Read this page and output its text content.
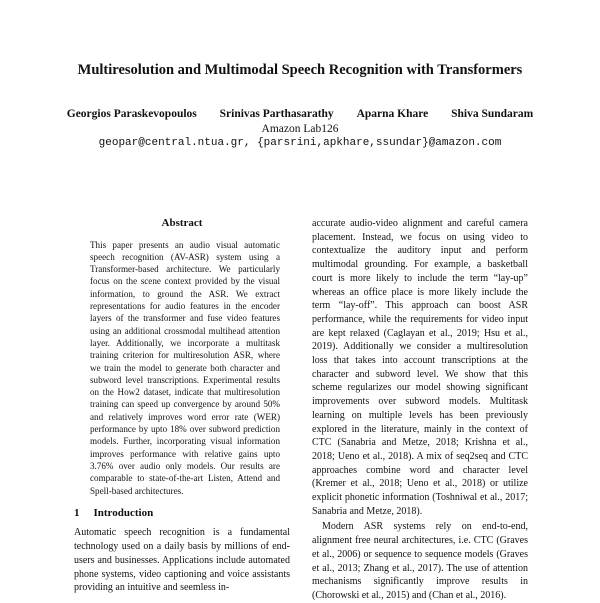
Multiresolution and Multimodal Speech Recognition with Transformers
Georgios Paraskevopoulos Srinivas Parthasarathy Aparna Khare Shiva Sundaram
Amazon Lab126
geopar@central.ntua.gr, {parsrini,apkhare,ssundar}@amazon.com
Abstract
This paper presents an audio visual automatic speech recognition (AV-ASR) system using a Transformer-based architecture. We particularly focus on the scene context provided by the visual information, to ground the ASR. We extract representations for audio features in the encoder layers of the transformer and fuse video features using an additional crossmodal multihead attention layer. Additionally, we incorporate a multitask training criterion for multiresolution ASR, where we train the model to generate both character and subword level transcriptions. Experimental results on the How2 dataset, indicate that multiresolution training can speed up convergence by around 50% and relatively improves word error rate (WER) performance by upto 18% over subword prediction models. Further, incorporating visual information improves performance with relative gains upto 3.76% over audio only models. Our results are comparable to state-of-the-art Listen, Attend and Spell-based architectures.
1 Introduction
Automatic speech recognition is a fundamental technology used on a daily basis by millions of end-users and businesses. Applications include automated phone systems, video captioning and voice assistants providing an intuitive and seemless in-
accurate audio-video alignment and careful camera placement. Instead, we focus on using video to contextualize the auditory input and perform multimodal grounding. For example, a basketball court is more likely to include the term “lay-up” whereas an office place is more likely include the term “lay-off”. This approach can boost ASR performance, while the requirements for video input are kept relaxed (Caglayan et al., 2019; Hsu et al., 2019). Additionally we consider a multiresolution loss that takes into account transcriptions at the character and subword level. We show that this scheme regularizes our model showing significant improvements over subword models. Multitask learning on multiple levels has been previously explored in the literature, mainly in the context of CTC (Sanabria and Metze, 2018; Krishna et al., 2018; Ueno et al., 2018). A mix of seq2seq and CTC approaches combine word and character level (Kremer et al., 2018; Ueno et al., 2018) or utilize explicit phonetic information (Toshniwal et al., 2017; Sanabria and Metze, 2018).
Modern ASR systems rely on end-to-end, alignment free neural architectures, i.e. CTC (Graves et al., 2006) or sequence to sequence models (Graves et al., 2013; Zhang et al., 2017). The use of attention mechanisms significantly improve results in (Chorowski et al., 2015) and (Chan et al., 2016).
